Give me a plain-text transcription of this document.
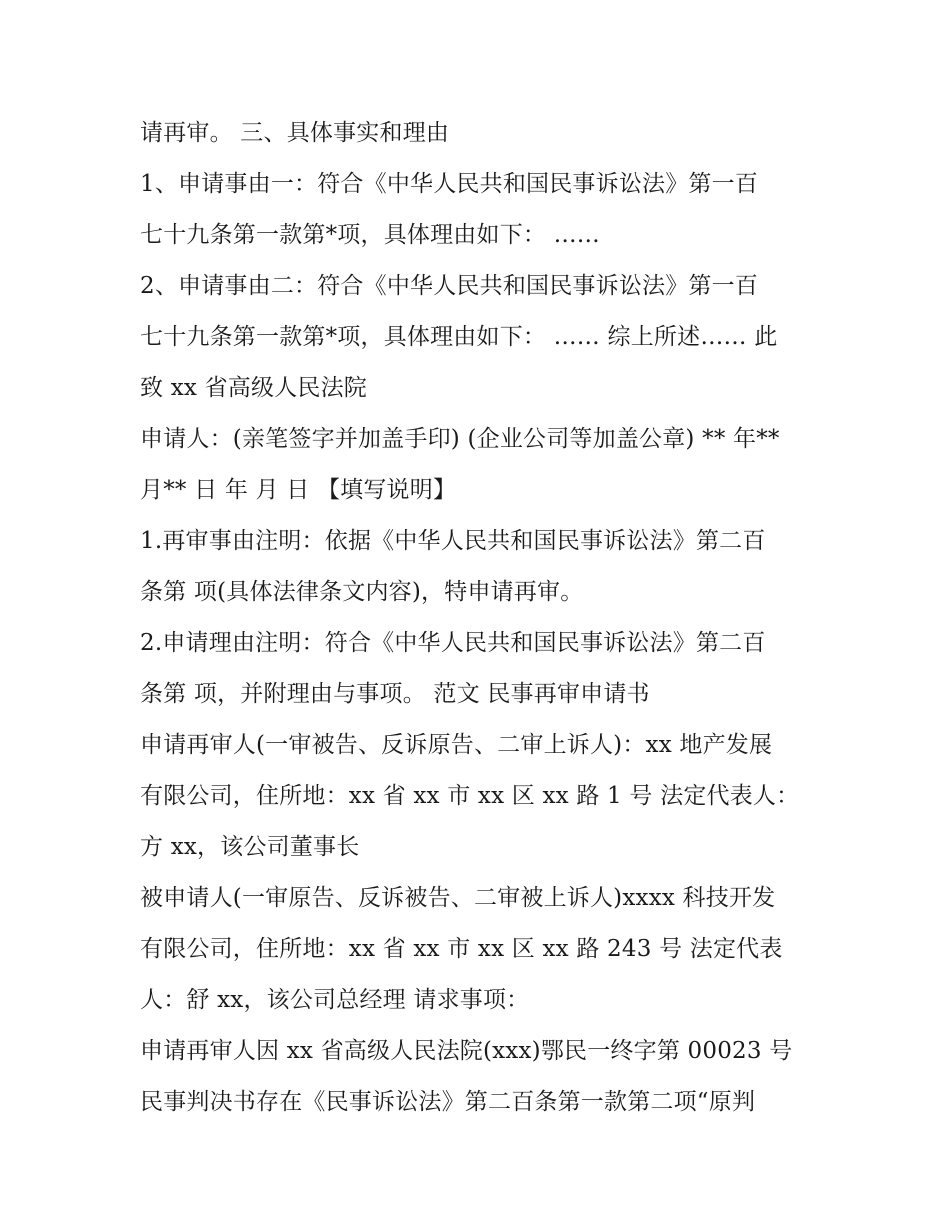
请再审。 三、具体事实和理由
1、申请事由一：符合《中华人民共和国民事诉讼法》第一百
七十九条第一款第*项，具体理由如下： ……
2、申请事由二：符合《中华人民共和国民事诉讼法》第一百
七十九条第一款第*项，具体理由如下： …… 综上所述…… 此
致 xx 省高级人民法院
申请人：(亲笔签字并加盖手印) (企业公司等加盖公章) ** 年**
月** 日 年 月 日 【填写说明】
1.再审事由注明：依据《中华人民共和国民事诉讼法》第二百
条第 项(具体法律条文内容)，特申请再审。
2.申请理由注明：符合《中华人民共和国民事诉讼法》第二百
条第 项，并附理由与事项。 范文 民事再审申请书
申请再审人(一审被告、反诉原告、二审上诉人)：xx 地产发展
有限公司，住所地：xx 省 xx 市 xx 区 xx 路 1 号 法定代表人：
方 xx，该公司董事长
被申请人(一审原告、反诉被告、二审被上诉人)xxxx 科技开发
有限公司，住所地：xx 省 xx 市 xx 区 xx 路 243 号 法定代表
人：舒 xx，该公司总经理 请求事项：
申请再审人因 xx 省高级人民法院(xxx)鄂民一终字第 00023 号
民事判决书存在《民事诉讼法》第二百条第一款第二项“原判
